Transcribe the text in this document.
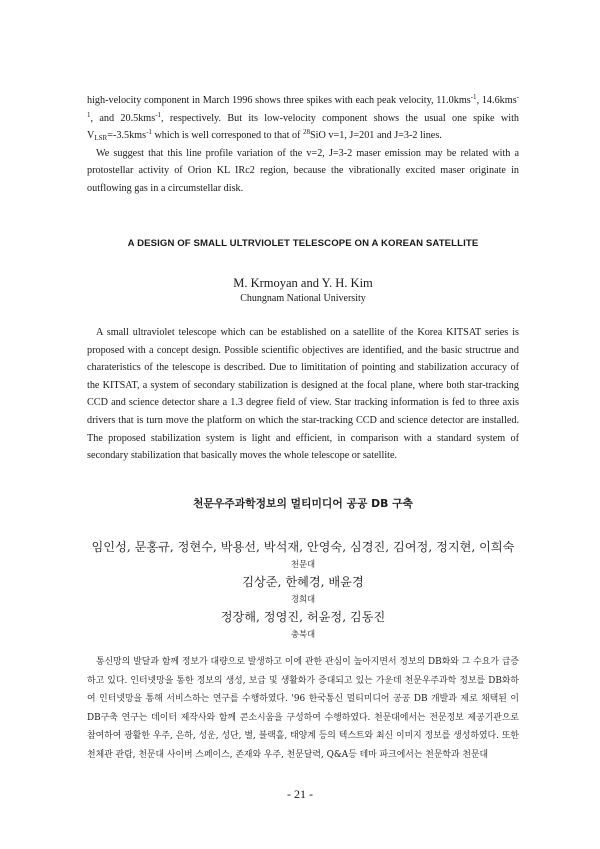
high-velocity component in March 1996 shows three spikes with each peak velocity, 11.0kms$^{-1}$, 14.6kms$^{-1}$, and 20.5kms$^{-1}$, respectively. But its low-velocity component shows the usual one spike with $V_{LSR}=-3.5kms^{-1}$ which is well corresponed to that of $^{28}$SiO v=1, J=201 and J=3-2 lines.

We suggest that this line profile variation of the v=2, J=3-2 maser emission may be related with a protostellar activity of Orion KL IRc2 region, because the vibrationally excited maser originate in outflowing gas in a circumstellar disk.

A DESIGN OF SMALL ULTRVIOLET TELESCOPE ON A KOREAN SATELLITE

M. Krmoyan and Y. H. Kim

Chungnam National University

A small ultraviolet telescope which can be established on a satellite of the Korea KITSAT series is proposed with a concept design. Possible scientific objectives are identified, and the basic structrue and charateristics of the telescope is described. Due to limititation of pointing and stabilization accuracy of the KITSAT, a system of secondary stabilization is designed at the focal plane, where both star-tracking CCD and science detector share a 1.3 degree field of view. Star tracking information is fed to three axis drivers that is turn move the platform on which the star-tracking CCD and science detector are installed. The proposed stabilization system is light and efficient, in comparison with a standard system of secondary stabilization that basically moves the whole telescope or satellite.

천문우주과학정보의 멀티미디어 공공 DB 구축

임인성, 문홍규, 정현수, 박용선, 박석재, 안영숙, 심경진, 김여정, 정지현, 이희숙

천문대

김상준, 한혜경, 배윤경

경희대

정장해, 정영진, 허윤정, 김동진

충북대

통신망의 발달과 함께 정보가 대량으로 발생하고 이에 관한 관심이 높아지면서 정보의 DB화와 그 수요가 급증하고 있다. 인터넷망을 통한 정보의 생성, 보급 및 생활화가 증대되고 있는 가운데 천문우주과학 정보를 DB화하여 인터넷망을 통해 서비스하는 연구를 수행하였다. '96 한국통신 멀티미디어 공공 DB 개발과 제로 채택된 이 DB구축 연구는 데이터 제작사와 함께 콘소시움을 구성하여 수행하였다. 천문대에서는 전문정보 제공기관으로 참여하여 광활한 우주, 은하, 성운, 성단, 별, 블랙홀, 태양계 등의 텍스트와 최신 이미지 정보를 생성하였다. 또한 천체관 관람, 천문대 사이버 스페이스, 존재와 우주, 천문달력, Q&A등 테마 파크에서는 천문학과 천문대

- 21 -
